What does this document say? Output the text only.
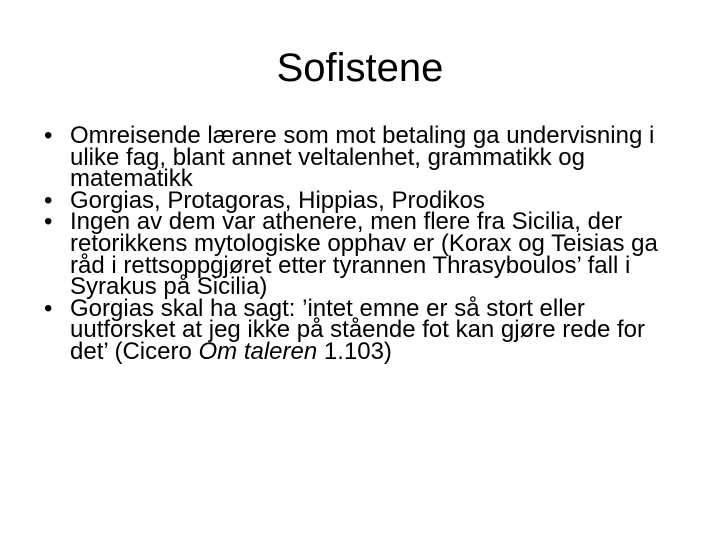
Sofistene
• Omreisende lærere som mot betaling ga undervisning i ulike fag, blant annet veltalenhet, grammatikk og matematikk
• Gorgias, Protagoras, Hippias, Prodikos
• Ingen av dem var athenere, men flere fra Sicilia, der retorikkens mytologiske opphav er (Korax og Teisias ga råd i rettsoppgjøret etter tyrannen Thrasyboulos’ fall i Syrakus på Sicilia)
• Gorgias skal ha sagt: ’intet emne er så stort eller uutforsket at jeg ikke på stående fot kan gjøre rede for det’ (Cicero Om taleren 1.103)
